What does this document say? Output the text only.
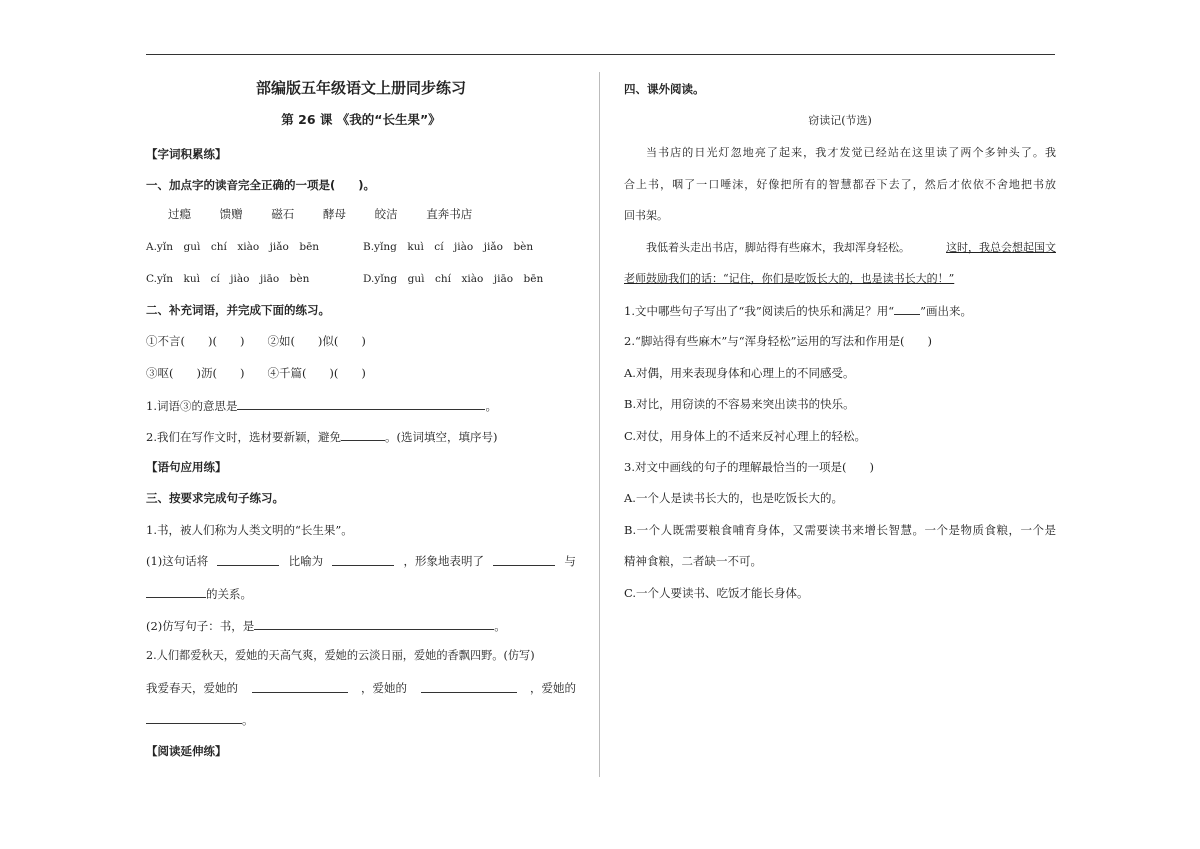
部编版五年级语文上册同步练习
第 26 课 《我的“长生果”》
【字词积累练】
一、加点字的读音完全正确的一项是(　　)。
过瘾 馈赠 磁石 酵母 皎洁 直奔书店
A.yǐn　guì　chí　xiào　jiǎo　bēn	B.yǐng　kuì　cí　jiào　jiǎo　bèn
C.yǐn　kuì　cí　jiào　jiāo　bèn	D.yǐng　guì　chí　xiào　jiāo　bēn
二、补充词语，并完成下面的练习。
①不言(　　)(　　)　　②如(　　)似(　　)
③呕(　　)沥(　　)　　④千篇(　　)(　　)
1.词语③的意思是	。
2.我们在写作文时，选材要新颖，避免	。(选词填空，填序号)
【语句应用练】
三、按要求完成句子练习。
1.书，被人们称为人类文明的“长生果”。
(1)这句话将	比喻为	，形象地表明了	与
的关系。
(2)仿写句子：书，是	。
2.人们都爱秋天，爱她的天高气爽，爱她的云淡日丽，爱她的香飘四野。(仿写)
我爱春天，爱她的	，爱她的	，爱她的
。
【阅读延伸练】
四、课外阅读。
窃读记(节选)
当书店的日光灯忽地亮了起来，我才发觉已经站在这里读了两个多钟头了。我
合上书，咽了一口唾沫，好像把所有的智慧都吞下去了，然后才依依不舍地把书放
回书架。
我低着头走出书店，脚站得有些麻木，我却浑身轻松。	这时，我总会想起国文
老师鼓励我们的话：“记住，你们是吃饭长大的，也是读书长大的！”
1.文中哪些句子写出了“我”阅读后的快乐和满足？用“ ”画出来。
2.“脚站得有些麻木”与“浑身轻松”运用的写法和作用是(　　)
A.对偶，用来表现身体和心理上的不同感受。
B.对比，用窃读的不容易来突出读书的快乐。
C.对仗，用身体上的不适来反衬心理上的轻松。
3.对文中画线的句子的理解最恰当的一项是(　　)
A.一个人是读书长大的，也是吃饭长大的。
B.一个人既需要粮食哺育身体，又需要读书来增长智慧。一个是物质食粮，一个是
精神食粮，二者缺一不可。
C.一个人要读书、吃饭才能长身体。
